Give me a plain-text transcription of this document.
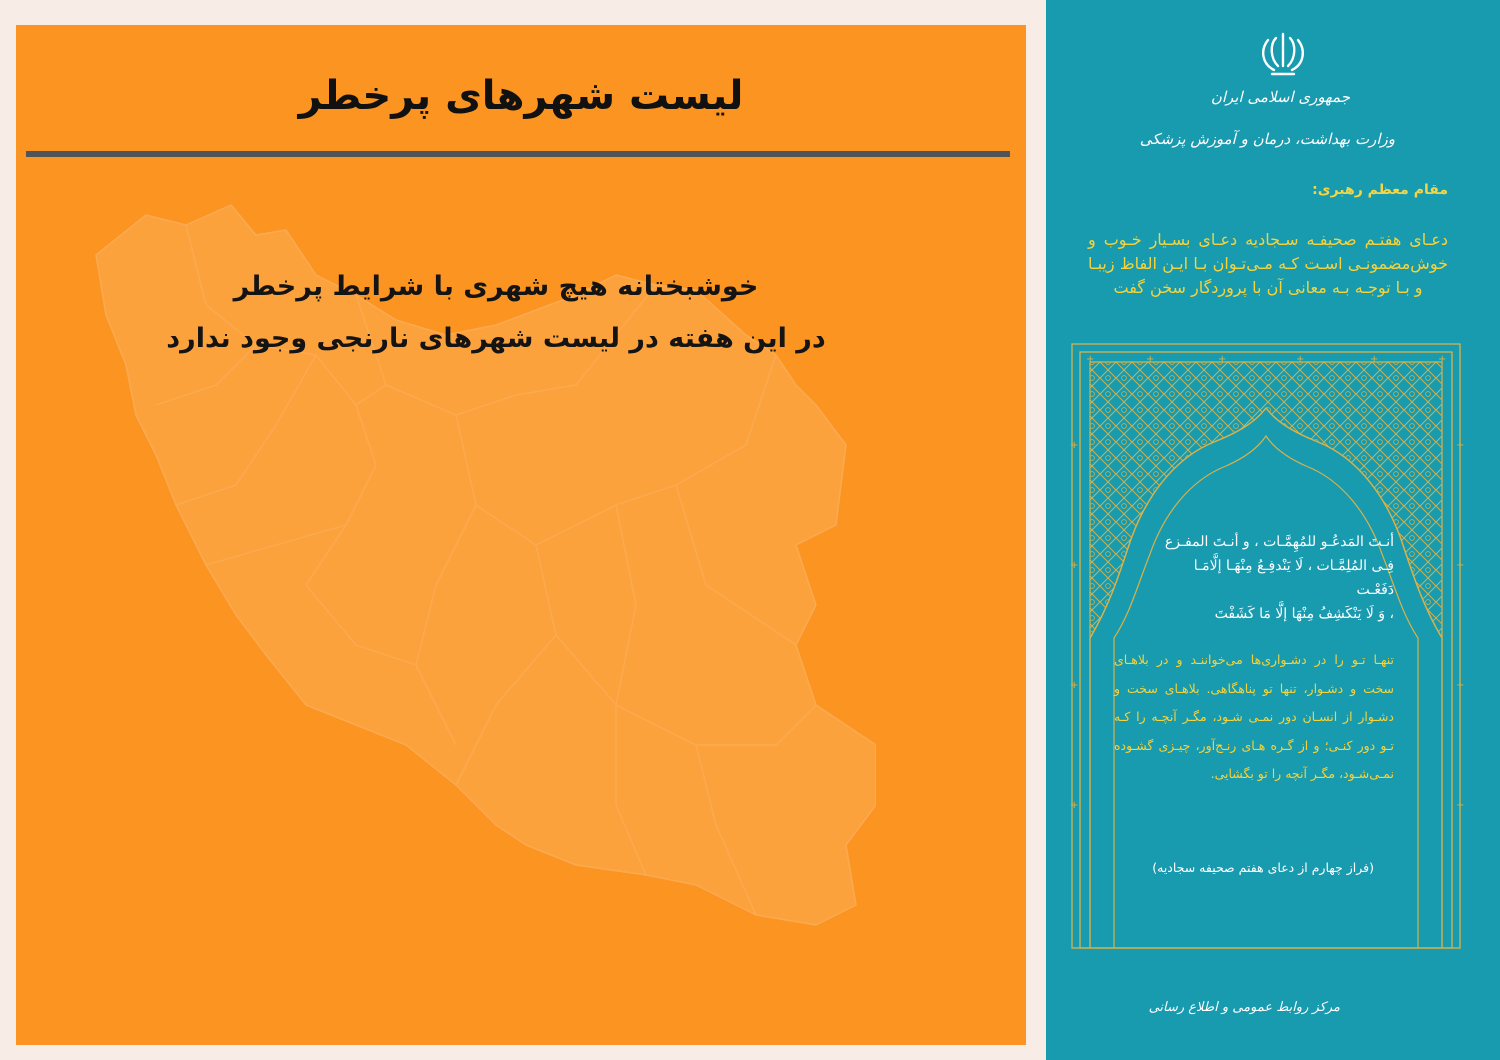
لیست شهرهای پرخطر
خوشبختانه هیچ شهری با شرایط پرخطر
در این هفته در لیست شهرهای نارنجی وجود ندارد
جمهوری اسلامی ایران
وزارت بهداشت، درمان و آموزش پزشکی
مقام معظم رهبری:
دعـای هفتـم صحیفـه سـجادیه دعـای بسـیار خـوب و خوش‌مضمونـی اسـت کـه مـی‌تـوان بـا ایـن الفاظ زیبـا و بـا توجـه بـه معانی آن با پروردگار سخن گفت
+	+	+	+	+	+
+
+
+
+
+
+
+
+
أنـتَ المَدعُـو للمُهِمَّـات ، و أنـتَ المفـزع
فِـی المُلِمَّـات ، لَا یَنْدفِـعُ مِنْهَـا إلَّامَـا دَفَعْـت
، وَ لَا یَنْکَشِفُ مِنْهَا إلَّا مَا کَشَفْتَ
تنهـا تـو را در دشـواری‌ها می‌خواننـد و در بلاهـای سخت و دشـوار، تنها تو پناهگاهی. بلاهـای سخت و دشـوار از انسـان دور نمـی شـود، مگـر آنچـه را کـه تـو دور کنـی؛ و از گـره هـای رنـج‌آور، چیـزی گشـوده نمـی‌شـود، مگـر آنچه را تو بگشایی.
(فراز چهارم از دعای هفتم صحیفه سجادیه)
مرکز روابط عمومی و اطلاع رسانی
